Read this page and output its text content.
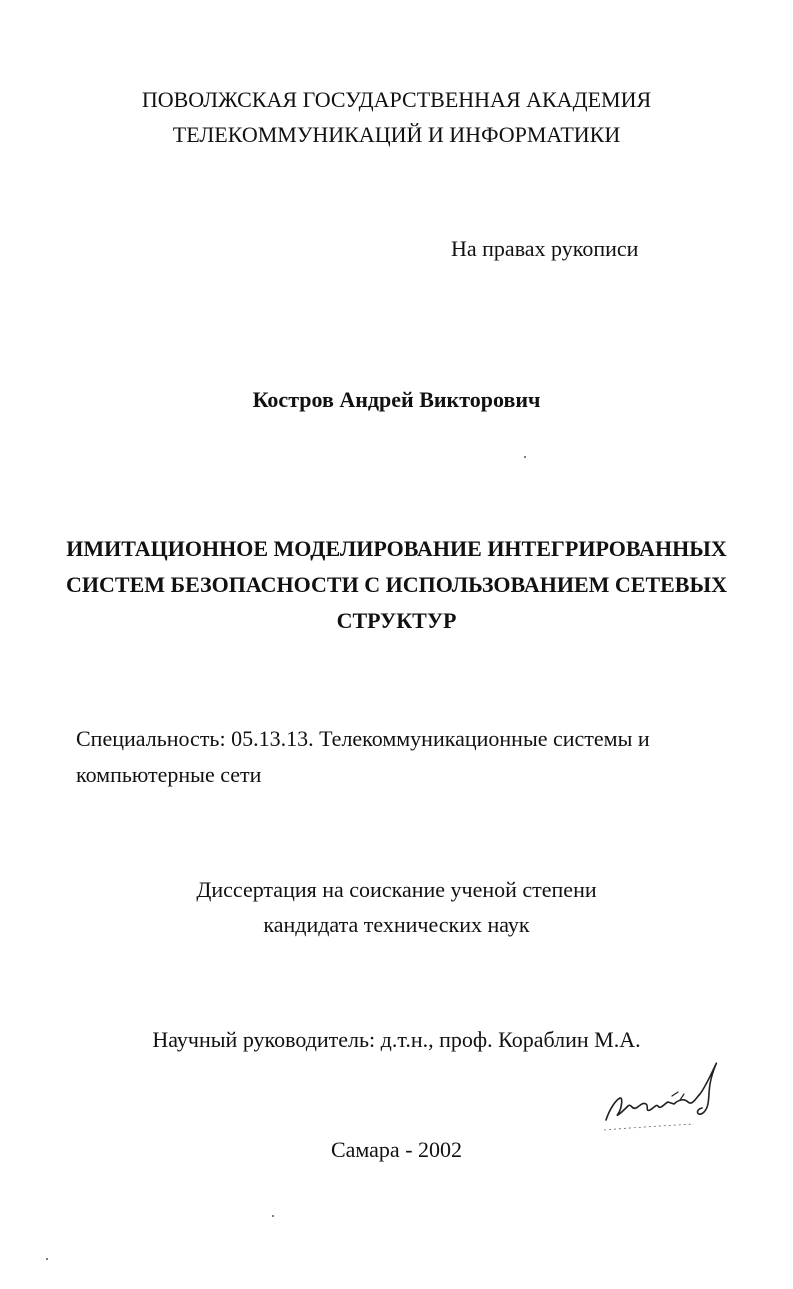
ПОВОЛЖСКАЯ ГОСУДАРСТВЕННАЯ АКАДЕМИЯ
ТЕЛЕКОММУНИКАЦИЙ И ИНФОРМАТИКИ
На правах рукописи
Костров Андрей Викторович
ИМИТАЦИОННОЕ МОДЕЛИРОВАНИЕ ИНТЕГРИРОВАННЫХ
СИСТЕМ БЕЗОПАСНОСТИ С ИСПОЛЬЗОВАНИЕМ СЕТЕВЫХ
СТРУКТУР
Специальность: 05.13.13. Телекоммуникационные системы и
компьютерные сети
Диссертация на соискание ученой степени
кандидата технических наук
Научный руководитель: д.т.н., проф. Кораблин М.А.
Самара - 2002
